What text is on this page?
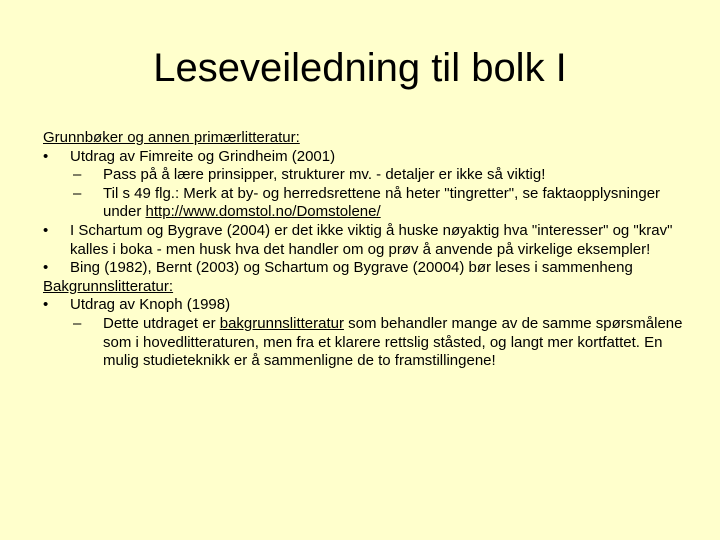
Leseveiledning til bolk I
Grunnbøker og annen primærlitteratur:
• Utdrag av Fimreite og Grindheim (2001)
– Pass på å lære prinsipper, strukturer mv. - detaljer er ikke så viktig!
– Til s 49 flg.: Merk at by- og herredsrettene nå heter "tingretter", se faktaopplysninger under http://www.domstol.no/Domstolene/
• I Schartum og Bygrave (2004) er det ikke viktig å huske nøyaktig hva "interesser" og "krav" kalles i boka - men husk hva det handler om og prøv å anvende på virkelige eksempler!
• Bing (1982), Bernt (2003) og Schartum og Bygrave (20004) bør leses i sammenheng
Bakgrunnslitteratur:
• Utdrag av Knoph (1998)
– Dette utdraget er bakgrunnslitteratur som behandler mange av de samme spørsmålene som i hovedlitteraturen, men fra et klarere rettslig ståsted, og langt mer kortfattet. En mulig studieteknikk er å sammenligne de to framstillingene!
